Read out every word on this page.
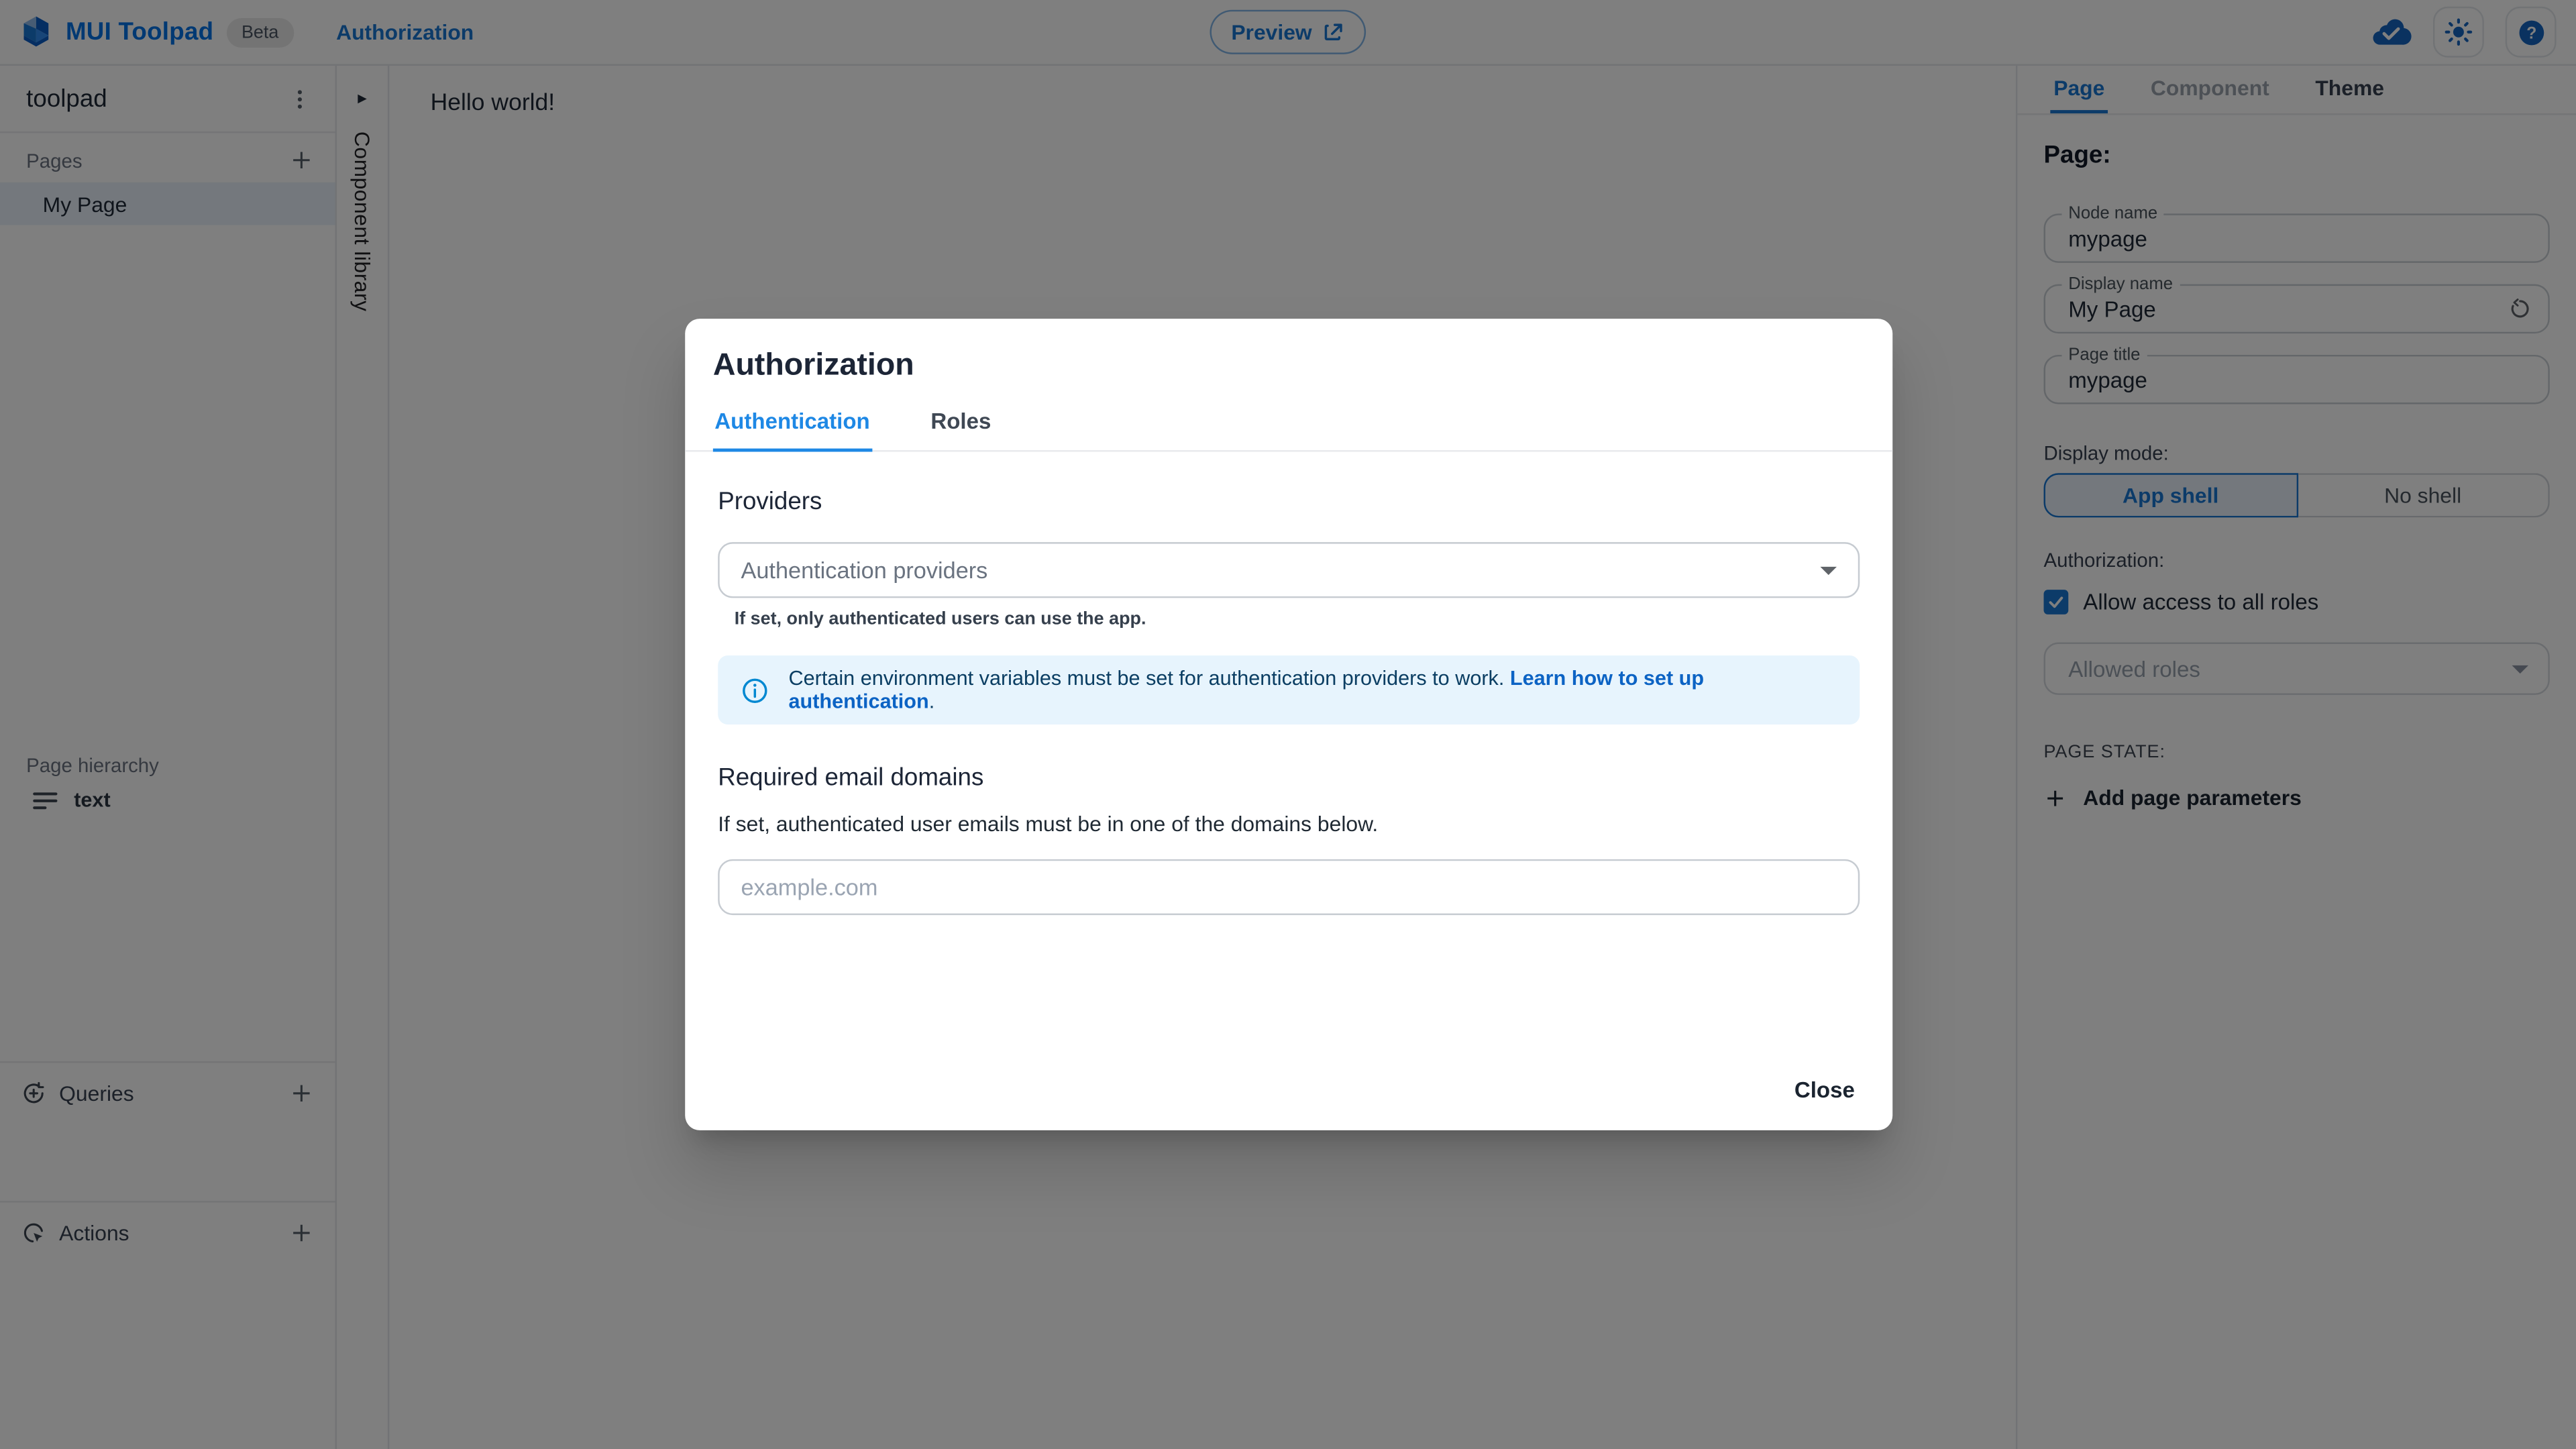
mypage
My Page
mypage
Authorization
Authentication	Roles
Providers
Authentication providers
If set, only authenticated users can use the app.
Certain environment variables must be set for authentication providers to work. Learn how to set up authentication.
Required email domains
If set, authenticated user emails must be in one of the domains below.
example.com
Close
